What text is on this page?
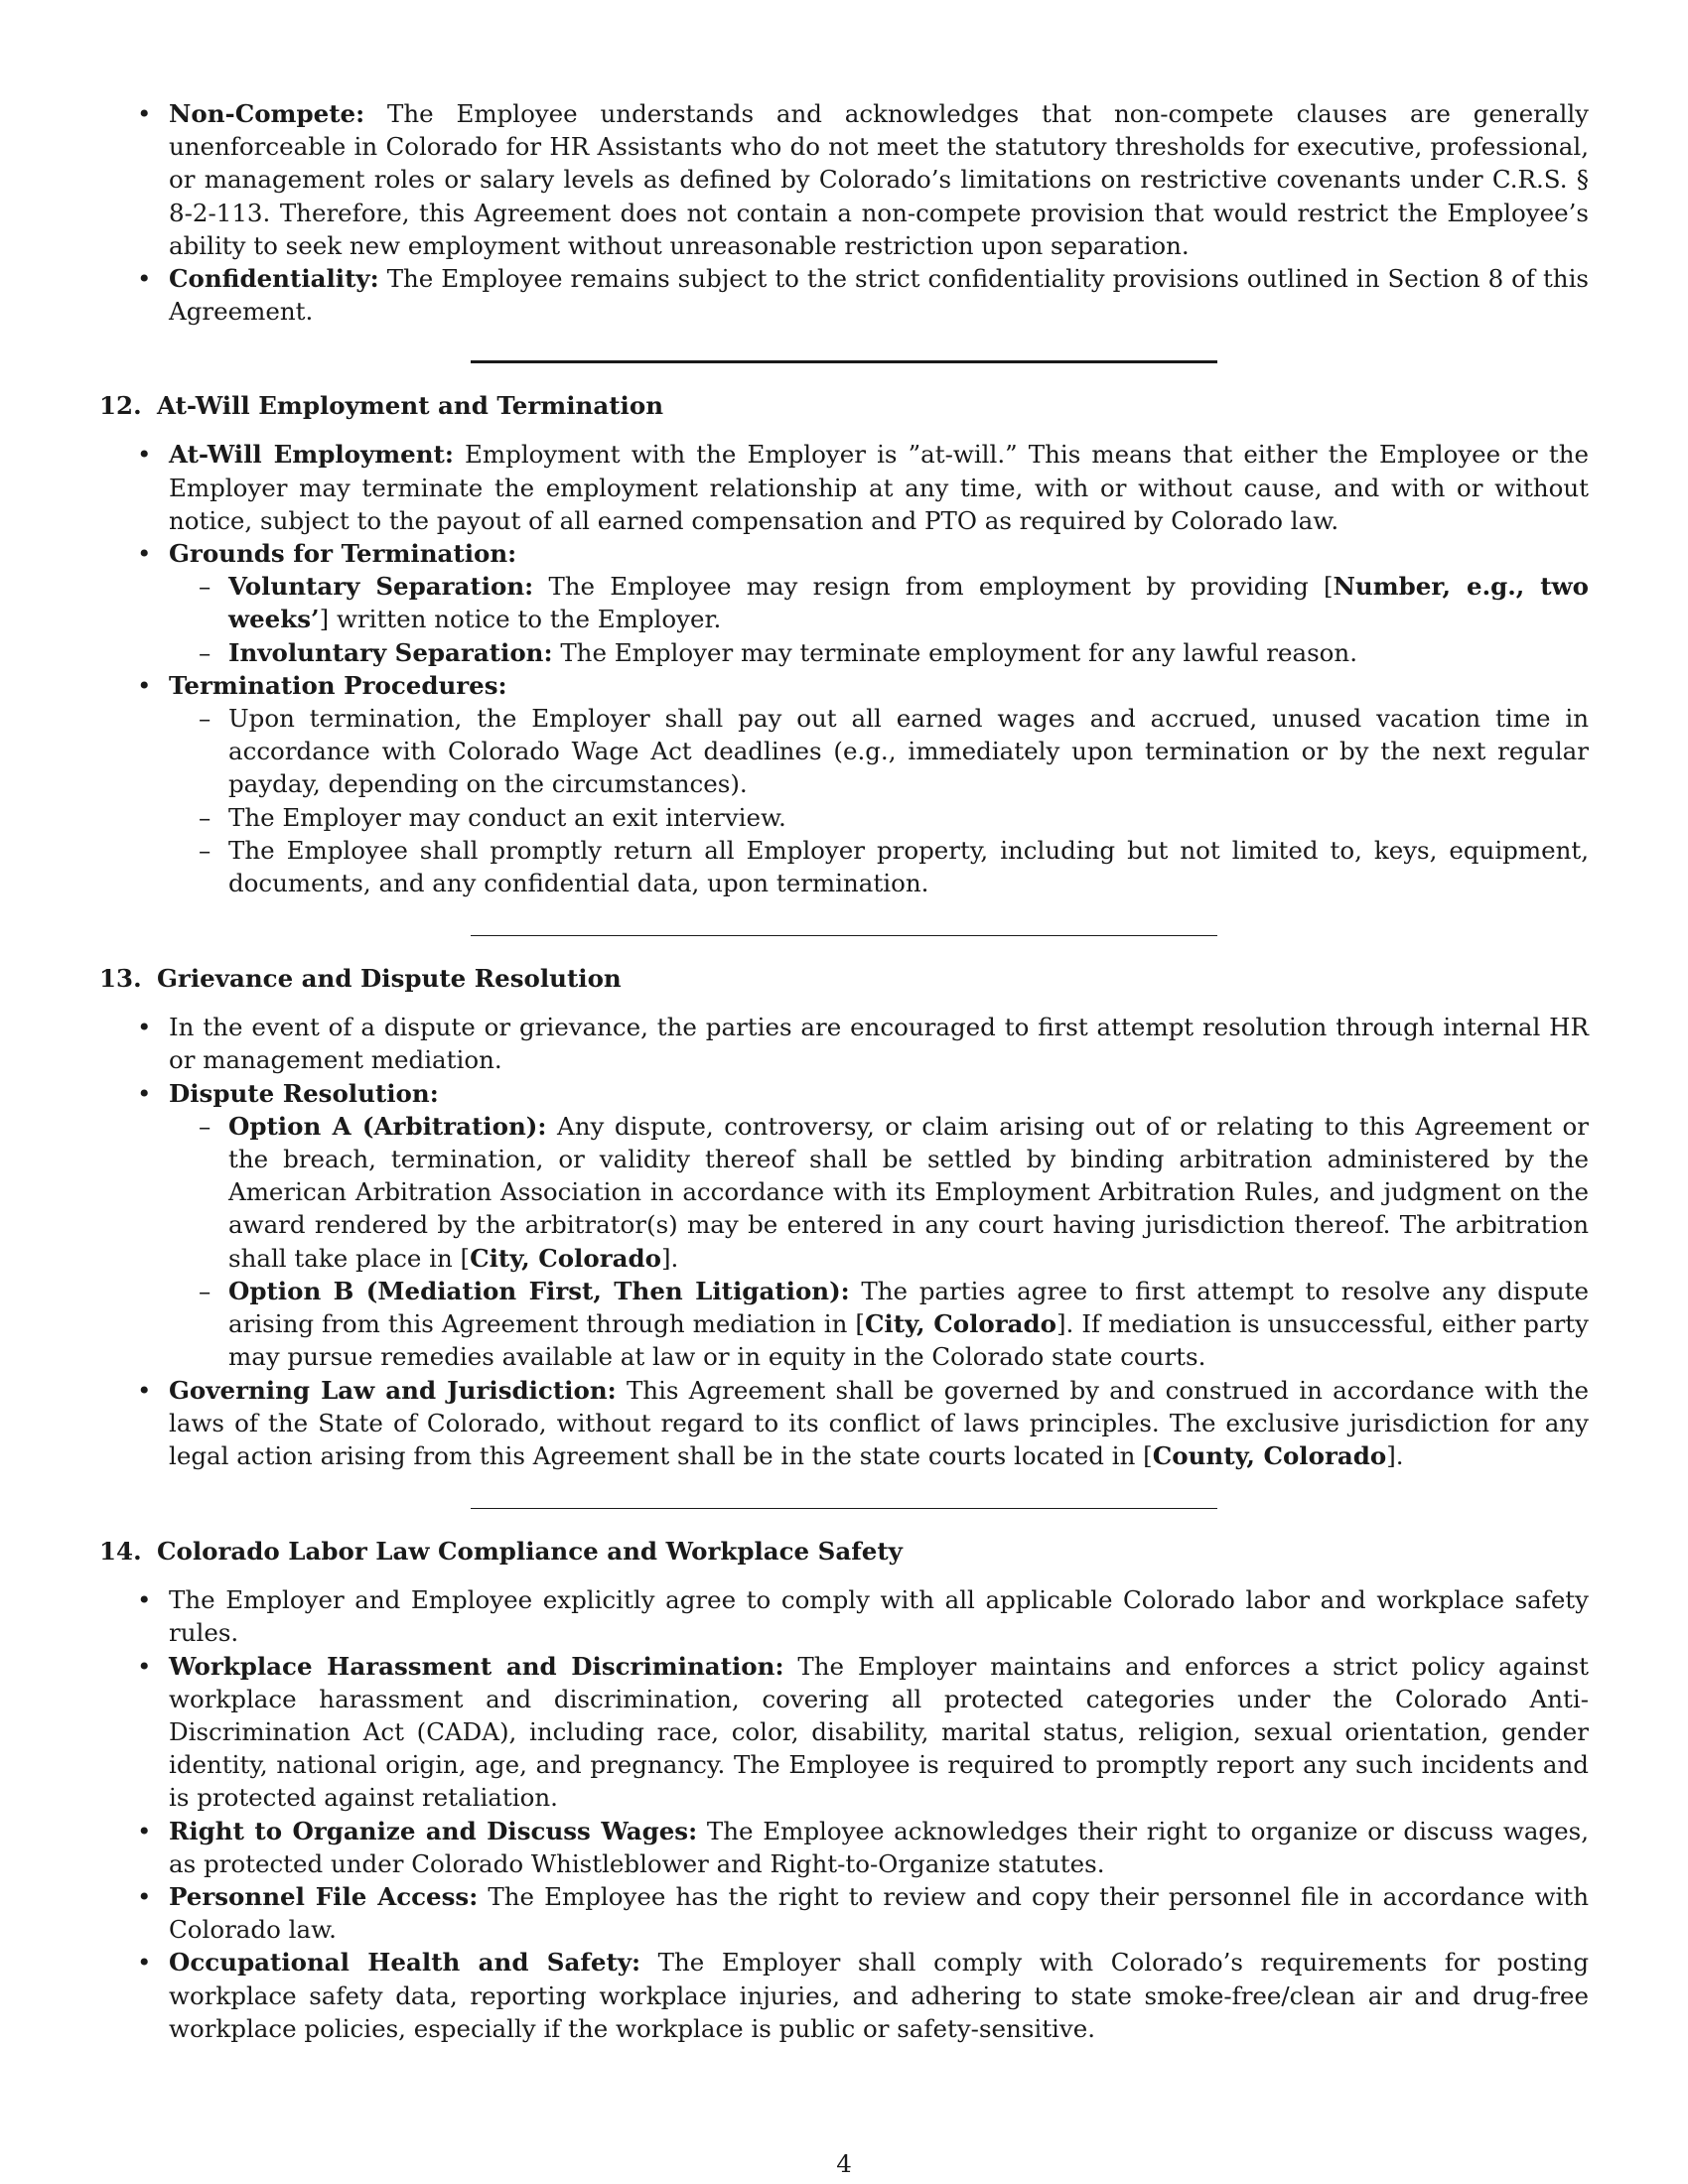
• Non-Compete: The Employee understands and acknowledges that non-compete clauses are generally unenforceable in Colorado for HR Assistants who do not meet the statutory thresholds for executive, professional, or management roles or salary levels as defined by Colorado’s limitations on restrictive covenants under C.R.S. § 8-2-113. Therefore, this Agreement does not contain a non-compete provision that would restrict the Employee’s ability to seek new employment without unreasonable restriction upon separation.
• Confidentiality: The Employee remains subject to the strict confidentiality provisions outlined in Section 8 of this Agreement.
12. At-Will Employment and Termination
• At-Will Employment: Employment with the Employer is ”at-will.” This means that either the Employee or the Employer may terminate the employment relationship at any time, with or without cause, and with or without notice, subject to the payout of all earned compensation and PTO as required by Colorado law.
• Grounds for Termination:
– Voluntary Separation: The Employee may resign from employment by providing [Number, e.g., two weeks’] written notice to the Employer.
– Involuntary Separation: The Employer may terminate employment for any lawful reason.
• Termination Procedures:
– Upon termination, the Employer shall pay out all earned wages and accrued, unused vacation time in accordance with Colorado Wage Act deadlines (e.g., immediately upon termination or by the next regular payday, depending on the circumstances).
– The Employer may conduct an exit interview.
– The Employee shall promptly return all Employer property, including but not limited to, keys, equipment, documents, and any confidential data, upon termination.
13. Grievance and Dispute Resolution
• In the event of a dispute or grievance, the parties are encouraged to first attempt resolution through internal HR or management mediation.
• Dispute Resolution:
– Option A (Arbitration): Any dispute, controversy, or claim arising out of or relating to this Agreement or the breach, termination, or validity thereof shall be settled by binding arbitration administered by the American Arbitration Association in accordance with its Employment Arbitration Rules, and judgment on the award rendered by the arbitrator(s) may be entered in any court having jurisdiction thereof. The arbitration shall take place in [City, Colorado].
– Option B (Mediation First, Then Litigation): The parties agree to first attempt to resolve any dispute arising from this Agreement through mediation in [City, Colorado]. If mediation is unsuccessful, either party may pursue remedies available at law or in equity in the Colorado state courts.
• Governing Law and Jurisdiction: This Agreement shall be governed by and construed in accordance with the laws of the State of Colorado, without regard to its conflict of laws principles. The exclusive jurisdiction for any legal action arising from this Agreement shall be in the state courts located in [County, Colorado].
14. Colorado Labor Law Compliance and Workplace Safety
• The Employer and Employee explicitly agree to comply with all applicable Colorado labor and workplace safety rules.
• Workplace Harassment and Discrimination: The Employer maintains and enforces a strict policy against workplace harassment and discrimination, covering all protected categories under the Colorado Anti-Discrimination Act (CADA), including race, color, disability, marital status, religion, sexual orientation, gender identity, national origin, age, and pregnancy. The Employee is required to promptly report any such incidents and is protected against retaliation.
• Right to Organize and Discuss Wages: The Employee acknowledges their right to organize or discuss wages, as protected under Colorado Whistleblower and Right-to-Organize statutes.
• Personnel File Access: The Employee has the right to review and copy their personnel file in accordance with Colorado law.
• Occupational Health and Safety: The Employer shall comply with Colorado’s requirements for posting workplace safety data, reporting workplace injuries, and adhering to state smoke-free/clean air and drug-free workplace policies, especially if the workplace is public or safety-sensitive.
4
